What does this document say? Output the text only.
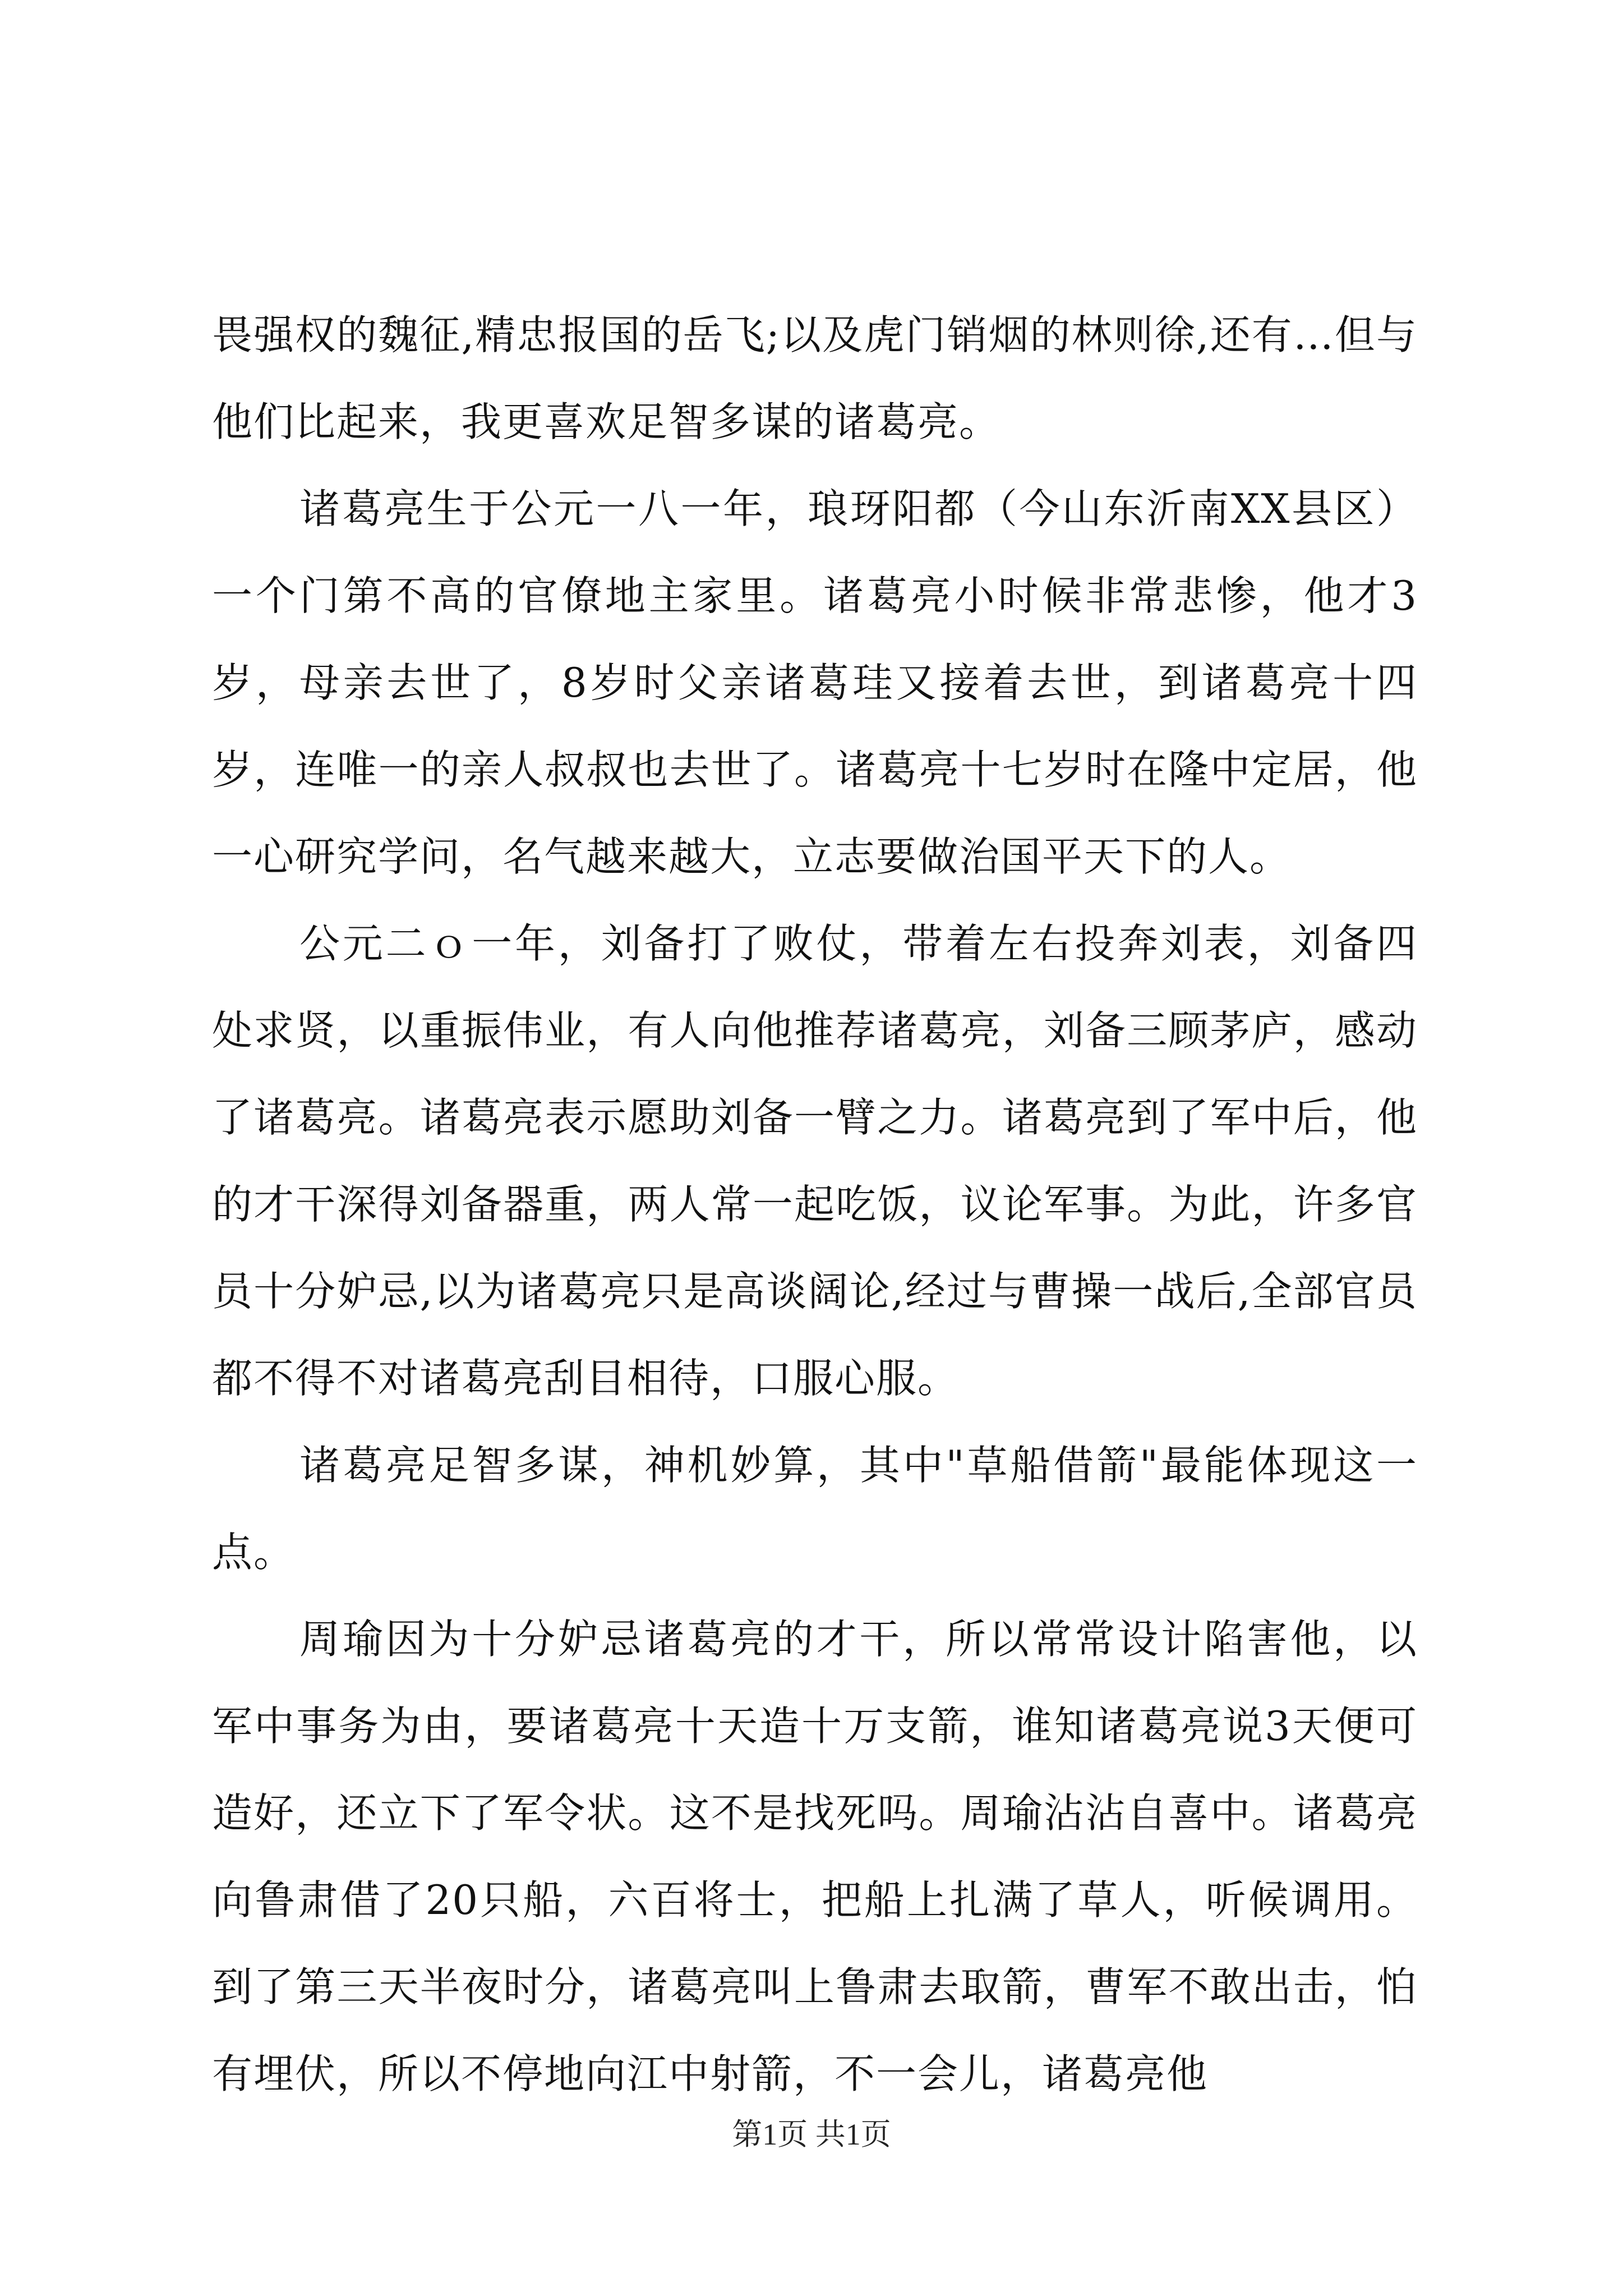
畏强权的魏征,精忠报国的岳飞;以及虎门销烟的林则徐,还有…但与他们比起来，我更喜欢足智多谋的诸葛亮。

诸葛亮生于公元一八一年，琅玡阳都（今山东沂南XX县区）一个门第不高的官僚地主家里。诸葛亮小时候非常悲惨，他才3岁，母亲去世了，8岁时父亲诸葛珪又接着去世，到诸葛亮十四岁，连唯一的亲人叔叔也去世了。诸葛亮十七岁时在隆中定居，他一心研究学问，名气越来越大，立志要做治国平天下的人。

公元二ｏ一年，刘备打了败仗，带着左右投奔刘表，刘备四处求贤，以重振伟业，有人向他推荐诸葛亮，刘备三顾茅庐，感动了诸葛亮。诸葛亮表示愿助刘备一臂之力。诸葛亮到了军中后，他的才干深得刘备器重，两人常一起吃饭，议论军事。为此，许多官员十分妒忌,以为诸葛亮只是高谈阔论,经过与曹操一战后,全部官员都不得不对诸葛亮刮目相待，口服心服。

诸葛亮足智多谋，神机妙算，其中"草船借箭"最能体现这一点。

周瑜因为十分妒忌诸葛亮的才干，所以常常设计陷害他，以军中事务为由，要诸葛亮十天造十万支箭，谁知诸葛亮说3天便可造好，还立下了军令状。这不是找死吗。周瑜沾沾自喜中。诸葛亮向鲁肃借了20只船，六百将士，把船上扎满了草人，听候调用。到了第三天半夜时分，诸葛亮叫上鲁肃去取箭，曹军不敢出击，怕有埋伏，所以不停地向江中射箭，不一会儿，诸葛亮他

第1页 共1页
